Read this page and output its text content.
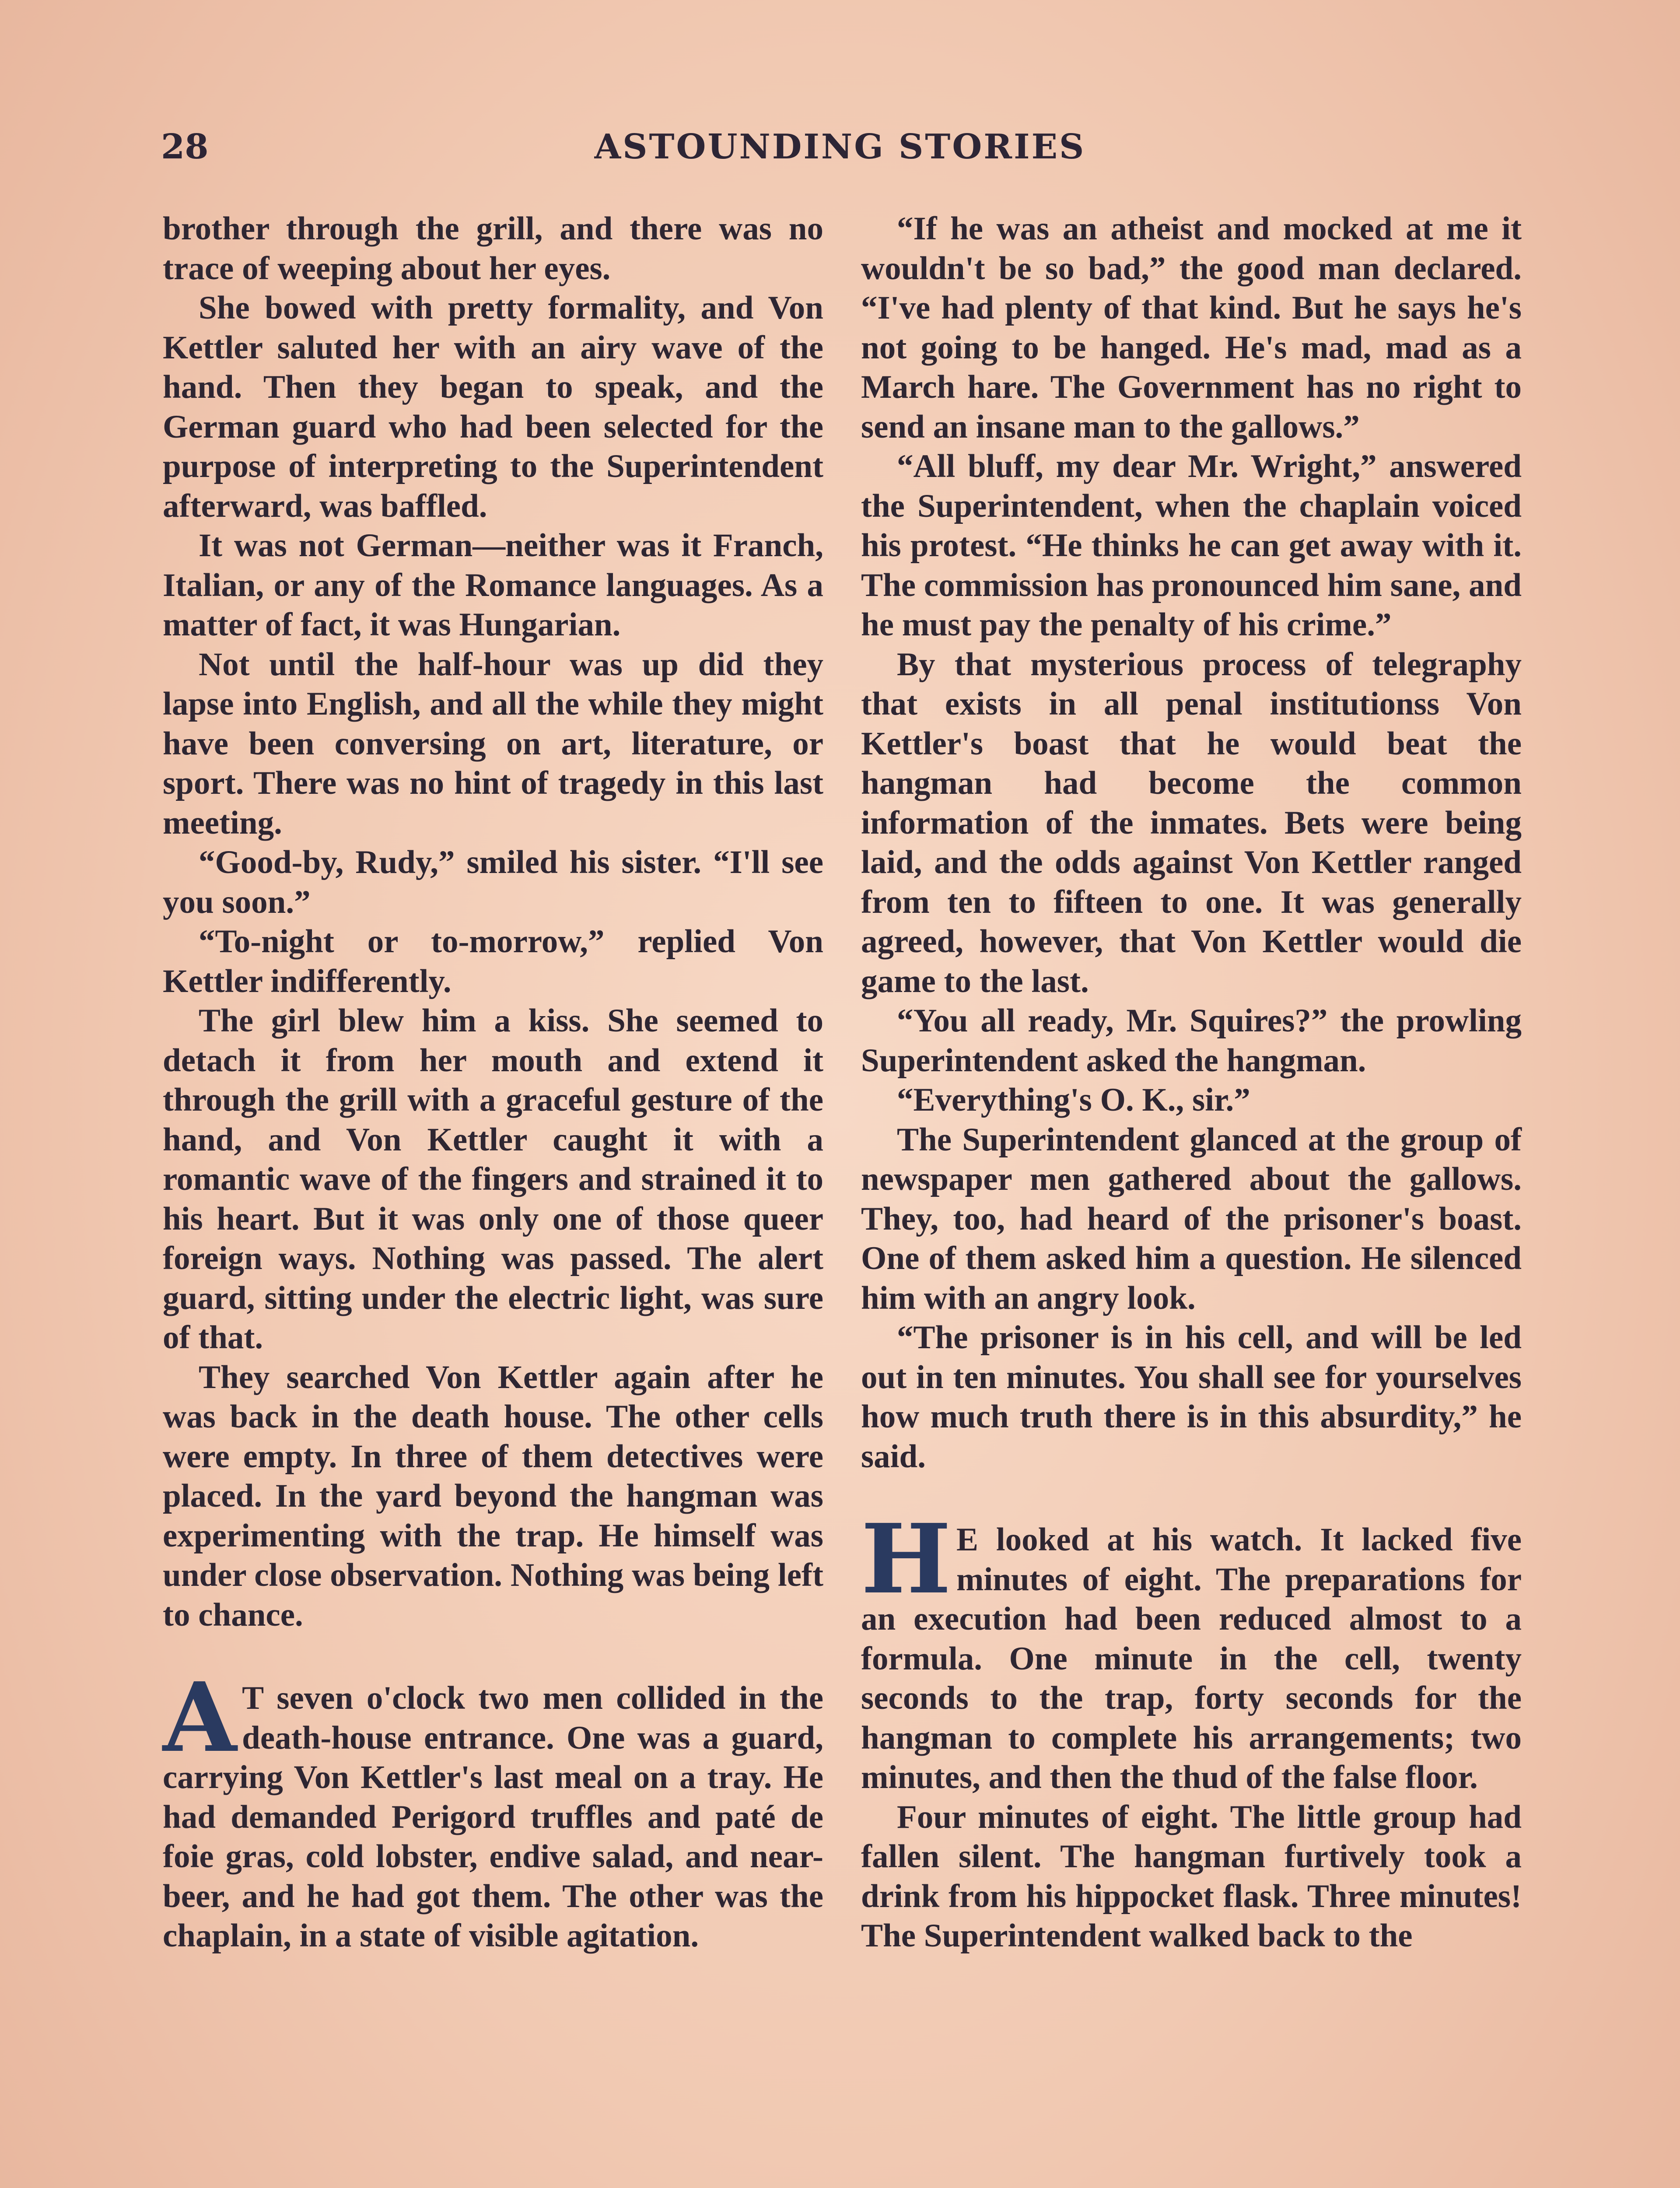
28	ASTOUNDING STORIES

brother through the grill, and there was no trace of weeping about her eyes.

She bowed with pretty formality, and Von Kettler saluted her with an airy wave of the hand. Then they began to speak, and the German guard who had been selected for the purpose of interpreting to the Superintendent afterward, was baffled.

It was not German—neither was it Franch, Italian, or any of the Romance languages. As a matter of fact, it was Hungarian.

Not until the half-hour was up did they lapse into English, and all the while they might have been conversing on art, literature, or sport. There was no hint of tragedy in this last meeting.

“Good-by, Rudy,” smiled his sister. “I'll see you soon.”

“To-night or to-morrow,” replied Von Kettler indifferently.

The girl blew him a kiss. She seemed to detach it from her mouth and extend it through the grill with a graceful gesture of the hand, and Von Kettler caught it with a romantic wave of the fingers and strained it to his heart. But it was only one of those queer foreign ways. Nothing was passed. The alert guard, sitting under the electric light, was sure of that.

They searched Von Kettler again after he was back in the death house. The other cells were empty. In three of them detectives were placed. In the yard beyond the hangman was experimenting with the trap. He himself was under close observation. Nothing was being left to chance.

A T seven o'clock two men collided in the death-house entrance. One was a guard, carrying Von Kettler's last meal on a tray. He had demanded Perigord truffles and paté de foie gras, cold lobster, endive salad, and near-beer, and he had got them. The other was the chaplain, in a state of visible agitation.

“If he was an atheist and mocked at me it wouldn't be so bad,” the good man declared. “I've had plenty of that kind. But he says he's not going to be hanged. He's mad, mad as a March hare. The Government has no right to send an insane man to the gallows.”

“All bluff, my dear Mr. Wright,” answered the Superintendent, when the chaplain voiced his protest. “He thinks he can get away with it. The commission has pronounced him sane, and he must pay the penalty of his crime.”

By that mysterious process of telegraphy that exists in all penal institutionss Von Kettler's boast that he would beat the hangman had become the common information of the inmates. Bets were being laid, and the odds against Von Kettler ranged from ten to fifteen to one. It was generally agreed, however, that Von Kettler would die game to the last.

“You all ready, Mr. Squires?” the prowling Superintendent asked the hangman.

“Everything's O. K., sir.”

The Superintendent glanced at the group of newspaper men gathered about the gallows. They, too, had heard of the prisoner's boast. One of them asked him a question. He silenced him with an angry look.

“The prisoner is in his cell, and will be led out in ten minutes. You shall see for yourselves how much truth there is in this absurdity,” he said.

H E looked at his watch. It lacked five minutes of eight. The preparations for an execution had been reduced almost to a formula. One minute in the cell, twenty seconds to the trap, forty seconds for the hangman to complete his arrangements; two minutes, and then the thud of the false floor.

Four minutes of eight. The little group had fallen silent. The hangman furtively took a drink from his hippocket flask. Three minutes! The Superintendent walked back to the
